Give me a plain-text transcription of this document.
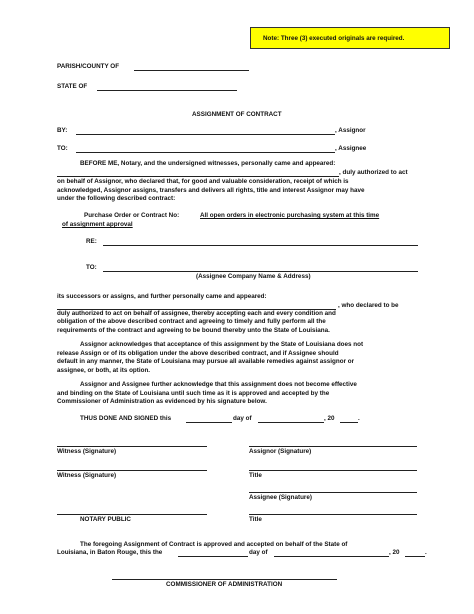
Note: Three (3) executed originals are required.
PARISH/COUNTY OF
STATE OF
ASSIGNMENT OF CONTRACT
BY:	, Assignor
TO:	, Assignee
BEFORE ME, Notary, and the undersigned witnesses, personally came and appeared:
, duly authorized to act
on behalf of Assignor, who declared that, for good and valuable consideration, receipt of which is
acknowledged, Assignor assigns, transfers and delivers all rights, title and interest Assignor may have
under the following described contract:
Purchase Order or Contract No:	All open orders in electronic purchasing system at this time
of assignment approval
RE:
TO:
(Assignee Company Name & Address)
its successors or assigns, and further personally came and appeared:
, who declared to be
duly authorized to act on behalf of assignee, thereby accepting each and every condition and
obligation of the above described contract and agreeing to timely and fully perform all the
requirements of the contract and agreeing to be bound thereby unto the State of Louisiana.
Assignor acknowledges that acceptance of this assignment by the State of Louisiana does not
release Assign or of its obligation under the above described contract, and if Assignee should
default in any manner, the State of Louisiana may pursue all available remedies against assignor or
assignee, or both, at its option.
Assignor and Assignee further acknowledge that this assignment does not become effective
and binding on the State of Louisiana until such time as it is approved and accepted by the
Commissioner of Administration as evidenced by his signature below.
THUS DONE AND SIGNED this	day of	, 20	.
Witness (Signature)	Assignor (Signature)
Witness (Signature)	Title
Assignee (Signature)
NOTARY PUBLIC	Title
The foregoing Assignment of Contract is approved and accepted on behalf of the State of
Louisiana, in Baton Rouge, this the	day of	, 20	.
COMMISSIONER OF ADMINISTRATION
